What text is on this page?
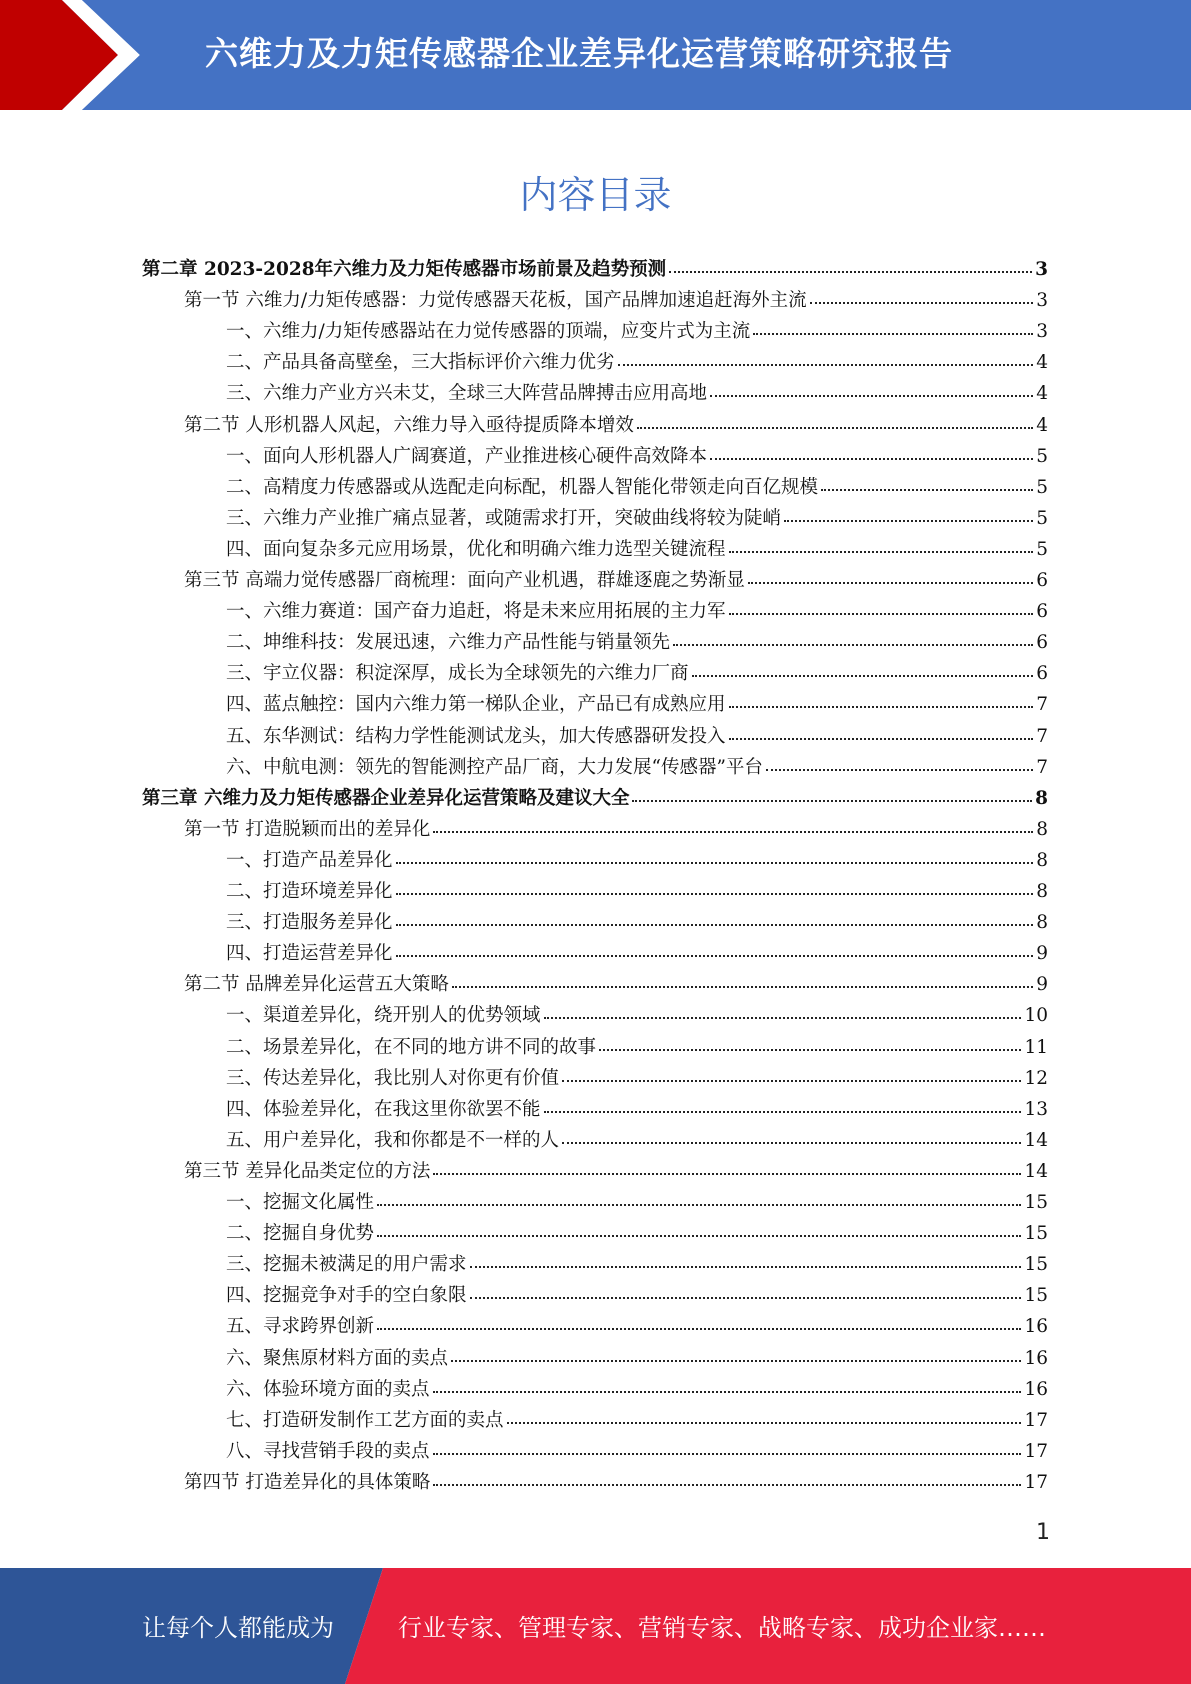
六维力及力矩传感器企业差异化运营策略研究报告
内容目录
第二章 2023-2028年六维力及力矩传感器市场前景及趋势预测	3
第一节 六维力/力矩传感器：力觉传感器天花板，国产品牌加速追赶海外主流	3
一、六维力/力矩传感器站在力觉传感器的顶端，应变片式为主流	3
二、产品具备高壁垒，三大指标评价六维力优劣	4
三、六维力产业方兴未艾，全球三大阵营品牌搏击应用高地	4
第二节 人形机器人风起，六维力导入亟待提质降本增效	4
一、面向人形机器人广阔赛道，产业推进核心硬件高效降本	5
二、高精度力传感器或从选配走向标配，机器人智能化带领走向百亿规模	5
三、六维力产业推广痛点显著，或随需求打开，突破曲线将较为陡峭	5
四、面向复杂多元应用场景，优化和明确六维力选型关键流程	5
第三节 高端力觉传感器厂商梳理：面向产业机遇，群雄逐鹿之势渐显	6
一、六维力赛道：国产奋力追赶，将是未来应用拓展的主力军	6
二、坤维科技：发展迅速，六维力产品性能与销量领先	6
三、宇立仪器：积淀深厚，成长为全球领先的六维力厂商	6
四、蓝点触控：国内六维力第一梯队企业，产品已有成熟应用	7
五、东华测试：结构力学性能测试龙头，加大传感器研发投入	7
六、中航电测：领先的智能测控产品厂商，大力发展“传感器”平台	7
第三章 六维力及力矩传感器企业差异化运营策略及建议大全	8
第一节 打造脱颖而出的差异化	8
一、打造产品差异化	8
二、打造环境差异化	8
三、打造服务差异化	8
四、打造运营差异化	9
第二节 品牌差异化运营五大策略	9
一、渠道差异化，绕开别人的优势领域	10
二、场景差异化，在不同的地方讲不同的故事	11
三、传达差异化，我比别人对你更有价值	12
四、体验差异化，在我这里你欲罢不能	13
五、用户差异化，我和你都是不一样的人	14
第三节 差异化品类定位的方法	14
一、挖掘文化属性	15
二、挖掘自身优势	15
三、挖掘未被满足的用户需求	15
四、挖掘竞争对手的空白象限	15
五、寻求跨界创新	16
六、聚焦原材料方面的卖点	16
六、体验环境方面的卖点	16
七、打造研发制作工艺方面的卖点	17
八、寻找营销手段的卖点	17
第四节 打造差异化的具体策略	17
1
让每个人都能成为	行业专家、管理专家、营销专家、战略专家、成功企业家……
